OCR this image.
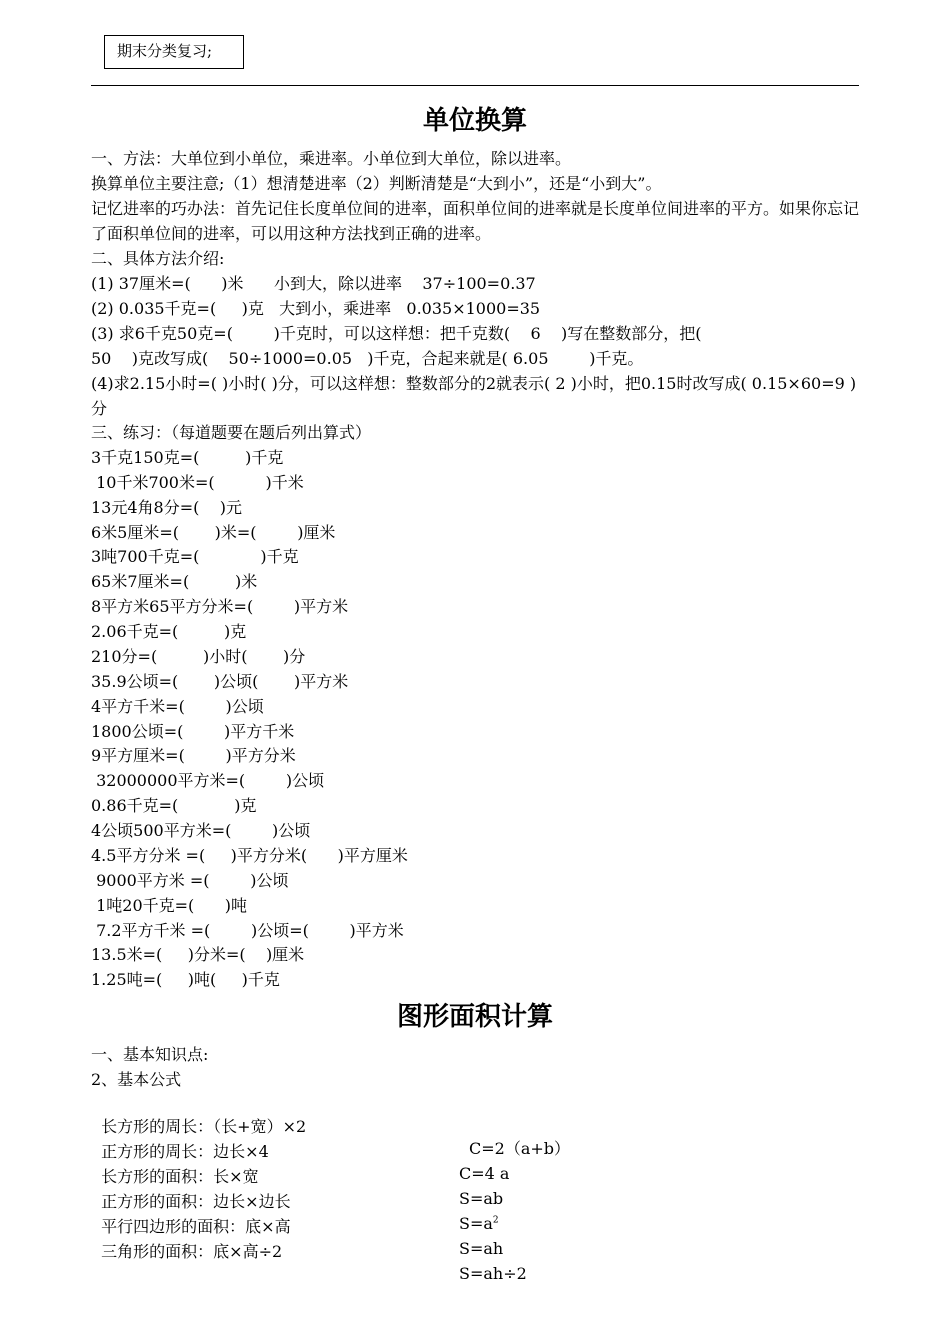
期末分类复习;
单位换算
一、方法：大单位到小单位，乘进率。小单位到大单位，除以进率。
换算单位主要注意;（1）想清楚进率（2）判断清楚是“大到小”，还是“小到大”。
记忆进率的巧办法：首先记住长度单位间的进率，面积单位间的进率就是长度单位间进率的平方。如果你忘记了面积单位间的进率，可以用这种方法找到正确的进率。
二、具体方法介绍:
(1) 37厘米=(      )米      小到大，除以进率    37÷100=0.37
(2) 0.035千克=(     )克   大到小，乘进率   0.035×1000=35
(3) 求6千克50克=(        )千克时，可以这样想：把千克数(    6    )写在整数部分，把(
50    )克改写成(    50÷1000=0.05   )千克，合起来就是( 6.05        )千克。
(4)求2.15小时=( )小时( )分，可以这样想：整数部分的2就表示( 2 )小时，把0.15时改写成( 0.15×60=9 )分
三、练习：（每道题要在题后列出算式）
3千克150克=(         )千克
10千米700米=(          )千米
13元4角8分=(    )元
6米5厘米=(       )米=(        )厘米
3吨700千克=(            )千克
65米7厘米=(         )米
8平方米65平方分米=(        )平方米
2.06千克=(         )克
210分=(         )小时(       )分
35.9公顷=(       )公顷(       )平方米
4平方千米=(        )公顷
1800公顷=(        )平方千米
9平方厘米=(        )平方分米
32000000平方米=(        )公顷
0.86千克=(           )克
4公顷500平方米=(        )公顷
4.5平方分米 =(     )平方分米(      )平方厘米
9000平方米 =(        )公顷
1吨20千克=(      )吨
7.2平方千米 =(        )公顷=(        )平方米
13.5米=(     )分米=(    )厘米
1.25吨=(     )吨(     )千克
图形面积计算
一、基本知识点:
2、基本公式

长方形的周长：（长+宽）×2

C=2（a+b）

正方形的周长：边长×4

C=4 a

长方形的面积：长×宽

S=ab

正方形的面积：边长×边长

$S=a^2$

平行四边形的面积：底×高

S=ah

三角形的面积：底×高÷2

S=ah÷2
